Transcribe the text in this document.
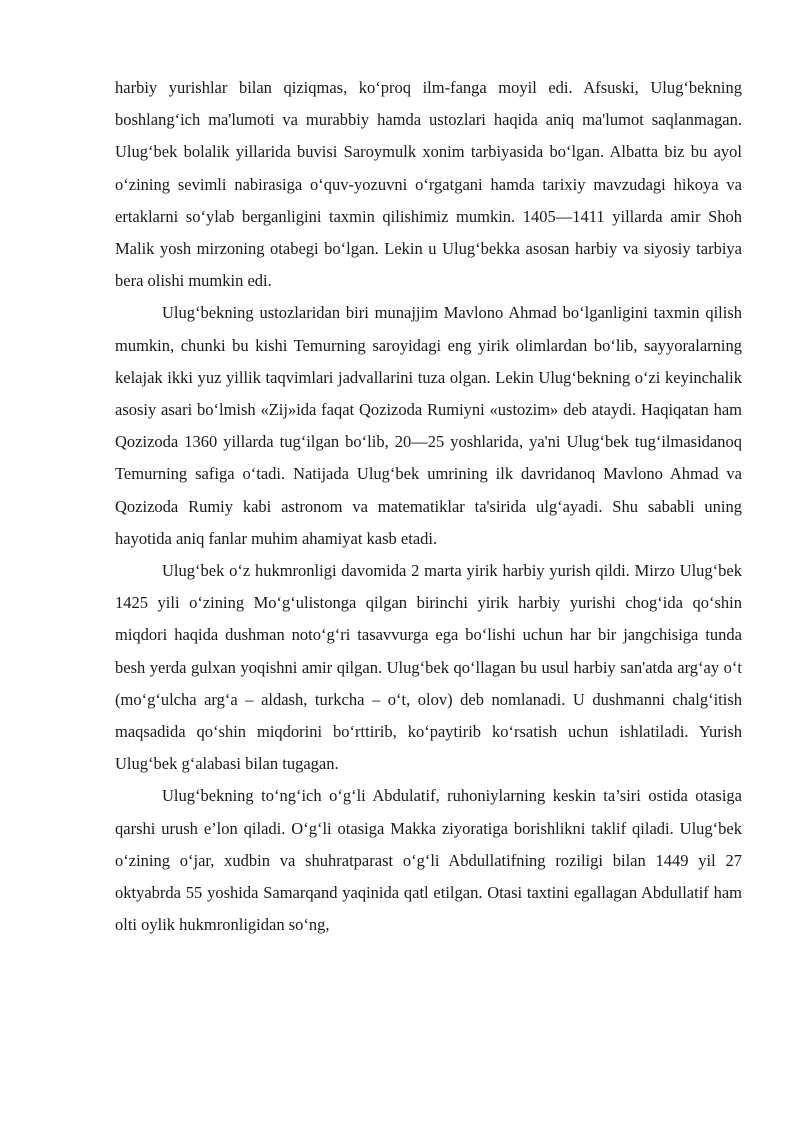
harbiy yurishlar bilan qiziqmas, ko‘proq ilm-fanga moyil edi. Afsuski, Ulug‘bekning boshlang‘ich ma'lumoti va murabbiy hamda ustozlari haqida aniq ma'lumot saqlanmagan. Ulug‘bek bolalik yillarida buvisi Saroymulk xonim tarbiyasida bo‘lgan. Albatta biz bu ayol o‘zining sevimli nabirasiga o‘quv-yozuvni o‘rgatgani hamda tarixiy mavzudagi hikoya va ertaklarni so‘ylab berganligini taxmin qilishimiz mumkin. 1405—1411 yillarda amir Shoh Malik yosh mirzoning otabegi bo‘lgan. Lekin u Ulug‘bekka asosan harbiy va siyosiy tarbiya bera olishi mumkin edi.

Ulug‘bekning ustozlaridan biri munajjim Mavlono Ahmad bo‘lganligini taxmin qilish mumkin, chunki bu kishi Temurning saroyidagi eng yirik olimlardan bo‘lib, sayyoralarning kelajak ikki yuz yillik taqvimlari jadvallarini tuza olgan. Lekin Ulug‘bekning o‘zi keyinchalik asosiy asari bo‘lmish «Zij»ida faqat Qozizoda Rumiyni «ustozim» deb ataydi. Haqiqatan ham Qozizoda 1360 yillarda tug‘ilgan bo‘lib, 20—25 yoshlarida, ya'ni Ulug‘bek tug‘ilmasidanoq Temurning safiga o‘tadi. Natijada Ulug‘bek umrining ilk davridanoq Mavlono Ahmad va Qozizoda Rumiy kabi astronom va matematiklar ta'sirida ulg‘ayadi. Shu sababli uning hayotida aniq fanlar muhim ahamiyat kasb etadi.

Ulug‘bek o‘z hukmronligi davomida 2 marta yirik harbiy yurish qildi. Mirzo Ulug‘bek 1425 yili o‘zining Mo‘g‘ulistonga qilgan birinchi yirik harbiy yurishi chog‘ida qo‘shin miqdori haqida dushman noto‘g‘ri tasavvurga ega bo‘lishi uchun har bir jangchisiga tunda besh yerda gulxan yoqishni amir qilgan. Ulug‘bek qo‘llagan bu usul harbiy san'atda arg‘ay o‘t (mo‘g‘ulcha arg‘a – aldash, turkcha – o‘t, olov) deb nomlanadi. U dushmanni chalg‘itish maqsadida qo‘shin miqdorini bo‘rttirib, ko‘paytirib ko‘rsatish uchun ishlatiladi. Yurish Ulug‘bek g‘alabasi bilan tugagan.

Ulug‘bekning to‘ng‘ich o‘g‘li Abdulatif, ruhoniylarning keskin ta’siri ostida otasiga qarshi urush e’lon qiladi. O‘g‘li otasiga Makka ziyoratiga borishlikni taklif qiladi. Ulug‘bek o‘zining o‘jar, xudbin va shuhratparast o‘g‘li Abdullatifning roziligi bilan 1449 yil 27 oktyabrda 55 yoshida Samarqand yaqinida qatl etilgan. Otasi taxtini egallagan Abdullatif ham olti oylik hukmronligidan so‘ng,
